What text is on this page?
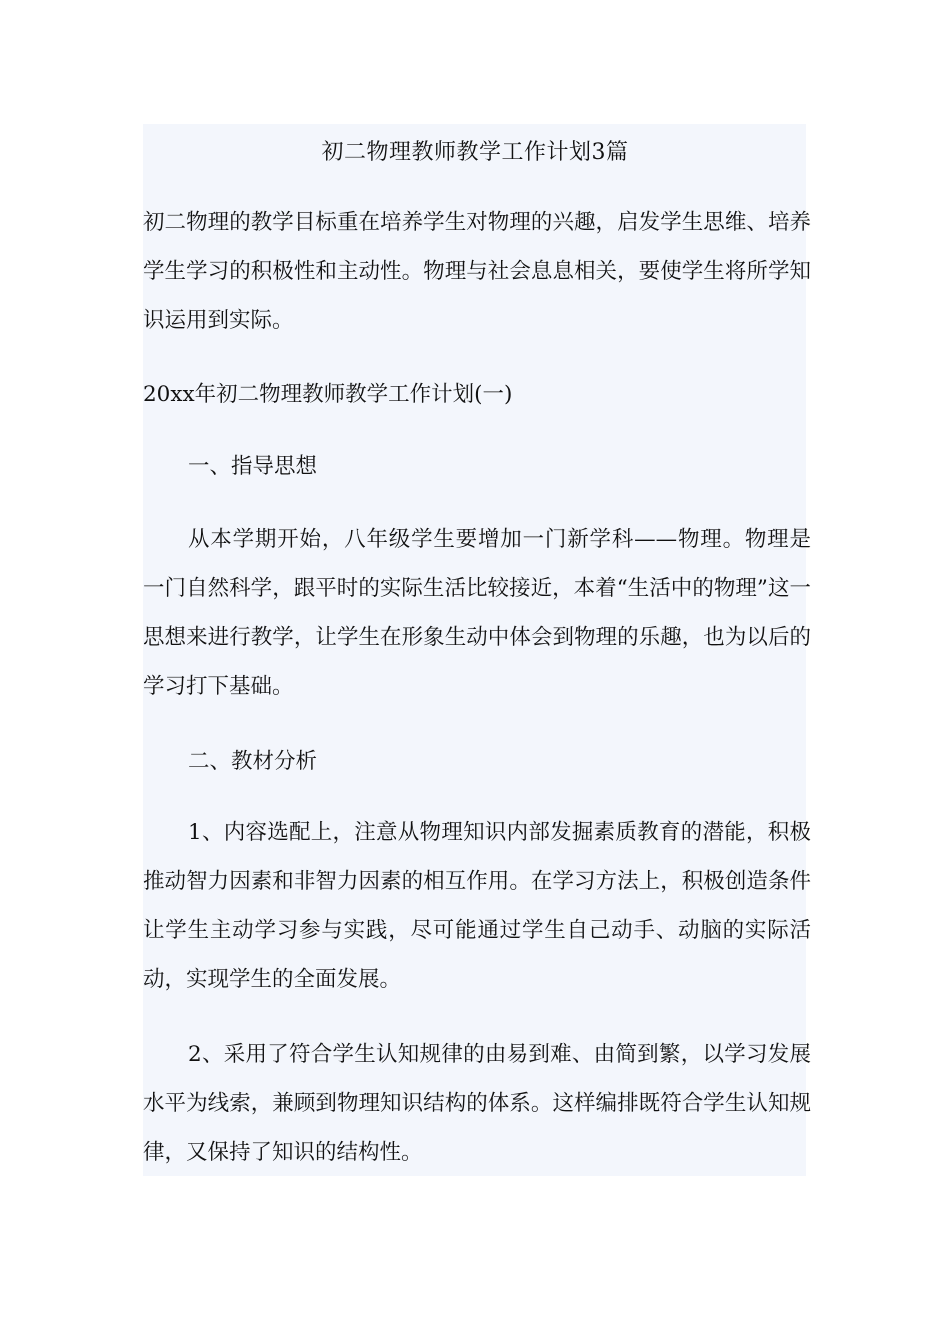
初二物理教师教学工作计划3篇

初二物理的教学目标重在培养学生对物理的兴趣，启发学生思维、培养学生学习的积极性和主动性。物理与社会息息相关，要使学生将所学知识运用到实际。

20xx年初二物理教师教学工作计划(一)

一、指导思想

从本学期开始，八年级学生要增加一门新学科——物理。物理是一门自然科学，跟平时的实际生活比较接近，本着“生活中的物理”这一思想来进行教学，让学生在形象生动中体会到物理的乐趣，也为以后的学习打下基础。

二、教材分析

1、内容选配上，注意从物理知识内部发掘素质教育的潜能，积极推动智力因素和非智力因素的相互作用。在学习方法上，积极创造条件让学生主动学习参与实践，尽可能通过学生自己动手、动脑的实际活动，实现学生的全面发展。

2、采用了符合学生认知规律的由易到难、由简到繁，以学习发展水平为线索，兼顾到物理知识结构的体系。这样编排既符合学生认知规律，又保持了知识的结构性。
